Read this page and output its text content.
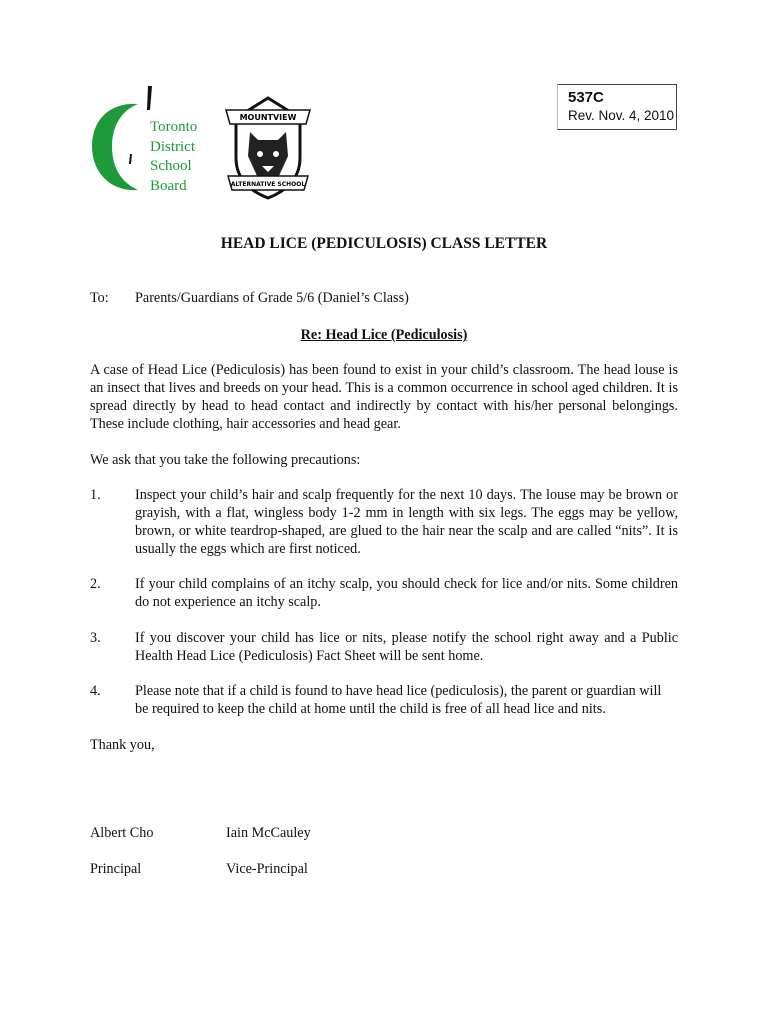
Toronto
District
School
Board
MOUNTVIEW
ALTERNATIVE SCHOOL
537C
Rev. Nov. 4, 2010
HEAD LICE (PEDICULOSIS) CLASS LETTER
To: Parents/Guardians of Grade 5/6 (Daniel’s Class)
Re: Head Lice (Pediculosis)
A case of Head Lice (Pediculosis) has been found to exist in your child’s classroom. The head louse is an insect that lives and breeds on your head. This is a common occurrence in school aged children. It is spread directly by head to head contact and indirectly by contact with his/her personal belongings. These include clothing, hair accessories and head gear.
We ask that you take the following precautions:
1. Inspect your child’s hair and scalp frequently for the next 10 days. The louse may be brown or grayish, with a flat, wingless body 1-2 mm in length with six legs. The eggs may be yellow, brown, or white teardrop-shaped, are glued to the hair near the scalp and are called “nits”. It is usually the eggs which are first noticed.
2. If your child complains of an itchy scalp, you should check for lice and/or nits. Some children do not experience an itchy scalp.
3. If you discover your child has lice or nits, please notify the school right away and a Public Health Head Lice (Pediculosis) Fact Sheet will be sent home.
4. Please note that if a child is found to have head lice (pediculosis), the parent or guardian will be required to keep the child at home until the child is free of all head lice and nits.
Thank you,
Albert Cho	Iain McCauley
Principal	Vice-Principal
